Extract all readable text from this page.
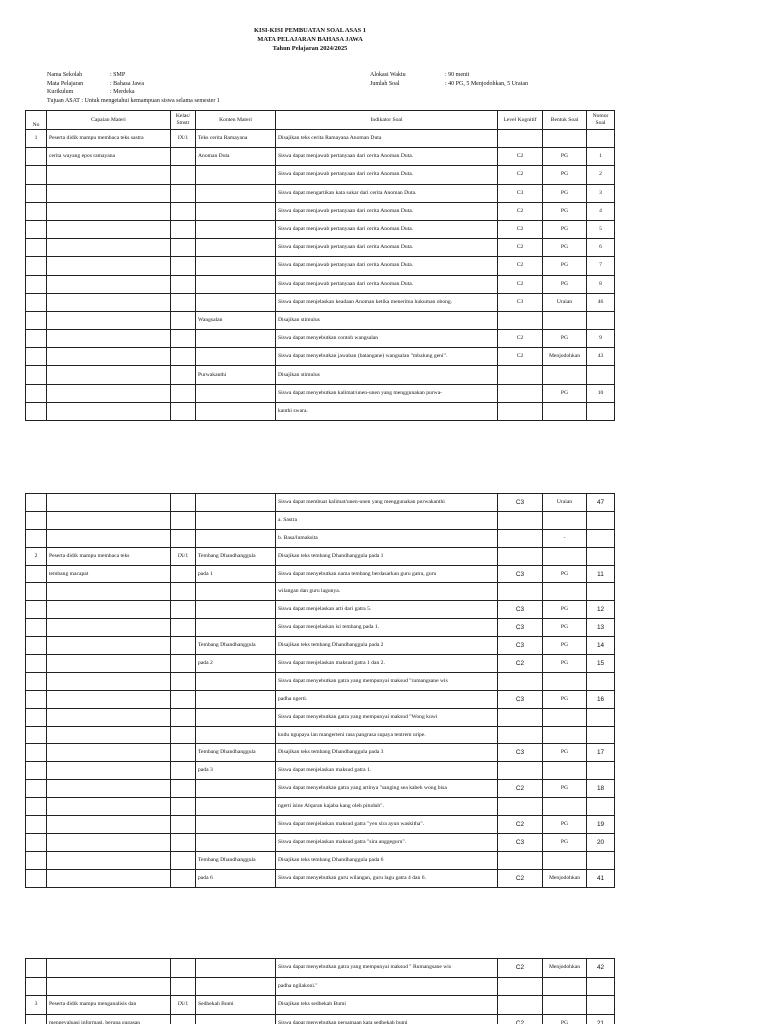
KISI-KISI PEMBUATAN SOAL ASAS 1
MATA PELAJARAN BAHASA JAWA
Tahun Pelajaran 2024/2025
Nama Sekolah	: SMP
Mata Pelajaran	: Bahasa Jawa
Kurikulum	: Merdeka
Tujuan ASAT : Untuk mengetahui kemampuan siswa selama semester 1
Alokasi Waktu	: 90 menit
Jumlah Soal	: 40 PG, 5 Menjodohkan, 5 Uraian
No	Capaian Materi	Kelas/ Smstr	Konten Materi	Indikator Soal	Level Kognitif	Bentuk Soal	Nomor Soal
1	Peserta didik mampu membaca teks sastra	IX/1	Teks cerita Ramayana	Disajikan teks cerita Ramayana Anoman Duta			
	cerita wayang epos ramayana		Anoman Duta	Siswa dapat menjawab pertanyaan dari cerita Anoman Duta.	C2	PG	1
				Siswa dapat menjawab pertanyaan dari cerita Anoman Duta.	C2	PG	2
				Siswa dapat mengartikan kata sukar dari cerita Anoman Duta.	C3	PG	3
				Siswa dapat menjawab pertanyaan dari cerita Anoman Duta.	C2	PG	4
				Siswa dapat menjawab pertanyaan dari cerita Anoman Duta.	C2	PG	5
				Siswa dapat menjawab pertanyaan dari cerita Anoman Duta.	C2	PG	6
				Siswa dapat menjawab pertanyaan dari cerita Anoman Duta.	C2	PG	7
				Siswa dapat menjawab pertanyaan dari cerita Anoman Duta.	C2	PG	8
				Siswa dapat menjelaskan keadaan Anoman ketika menerima hukuman obong.	C3	Uraian	46
			Wangsalan	Disajikan stimulus			
				Siswa dapat menyebutkan contoh wangsalan	C2	PG	9
				Siswa dapat menyebutkan jawaban (batangane) wangsalan "mbalung geni".	C2	Menjodohkan	43
			Purwakanthi	Disajikan stimulus			
				Siswa dapat menyebutkan kalimat/unen-unen yang menggunakan purwa-		PG	10
				kanthi swara.			
				Siswa dapat membuat kalimat/unen-unen yang menggunakan purwakanthi	C3	Uraian	47
				a. Sastra			
				b. Basa/lumaksita		-	
2	Peserta didik mampu membaca teks	IX/1	Tembang Dhandhanggula	Disajikan teks tembang Dhandhanggula pada 1			
	tembang macapat		pada 1	Siswa dapat menyebutkan nama tembang berdasarkan guru gatra, guru	C3	PG	11
				wilangan dan guru lagunya.			
				Siswa dapat menjelaskan arti dari gatra 5.	C3	PG	12
				Siswa dapat menjelaskan isi tembang pada 1.	C3	PG	13
			Tembang Dhandhanggula	Disajikan teks tembang Dhandhanggula pada 2	C3	PG	14
			pada 2	Siswa dapat menjelaskan maksud gatra 1 dan 2.	C2	PG	15
				Siswa dapat menyebutkan gatra yang mempunyai maksud "rumangsane wis			
				padha ngerti.	C3	PG	16
				Siswa dapat menyebutkan gatra yang mempunyai maksud "Wong kuwi			
				kudu ngupaya lan mangerteni rasa pangrasa supaya tentrem uripe.			
			Tembang Dhandhanggula	Disajikan teks tembang Dhandhanggula pada 3	C3	PG	17
			pada 3	Siswa dapat menjelaskan maksud gatra 1.			
				Siswa dapat menyebutkan gatra yang artinya "sanging sea kabeh wong bisa	C2	PG	18
				ngerti isine Alquran kajaba kang oleh pituduh".			
				Siswa dapat menjelaskan maksud gatra "yen sira ayun waskitha".	C2	PG	19
				Siswa dapat menjelaskan maksud gatra "sira anggeguru".	C3	PG	20
			Tembang Dhandhanggula	Disajikan teks tembang Dhandhanggula pada 6			
			pada 6	Siswa dapat menyebutkan guru wilangan, guru lagu gatra 4 dan 6.	C2	Menjodohkan	41
				Siswa dapat menyebutkan gatra yang mempunyai maksud " Rumangsane wis	C2	Menjodohkan	42
				padha ngilakoni."			
3	Peserta didik mampu menganalisis dan	IX/1	Sedhekah Bumi	Disajikan teks sedhekah Bumi			
	mengevaluasi informasi, berupa gagasan			Siswa dapat menyebutkan persamaan kata sedhekah bumi	C2	PG	21
